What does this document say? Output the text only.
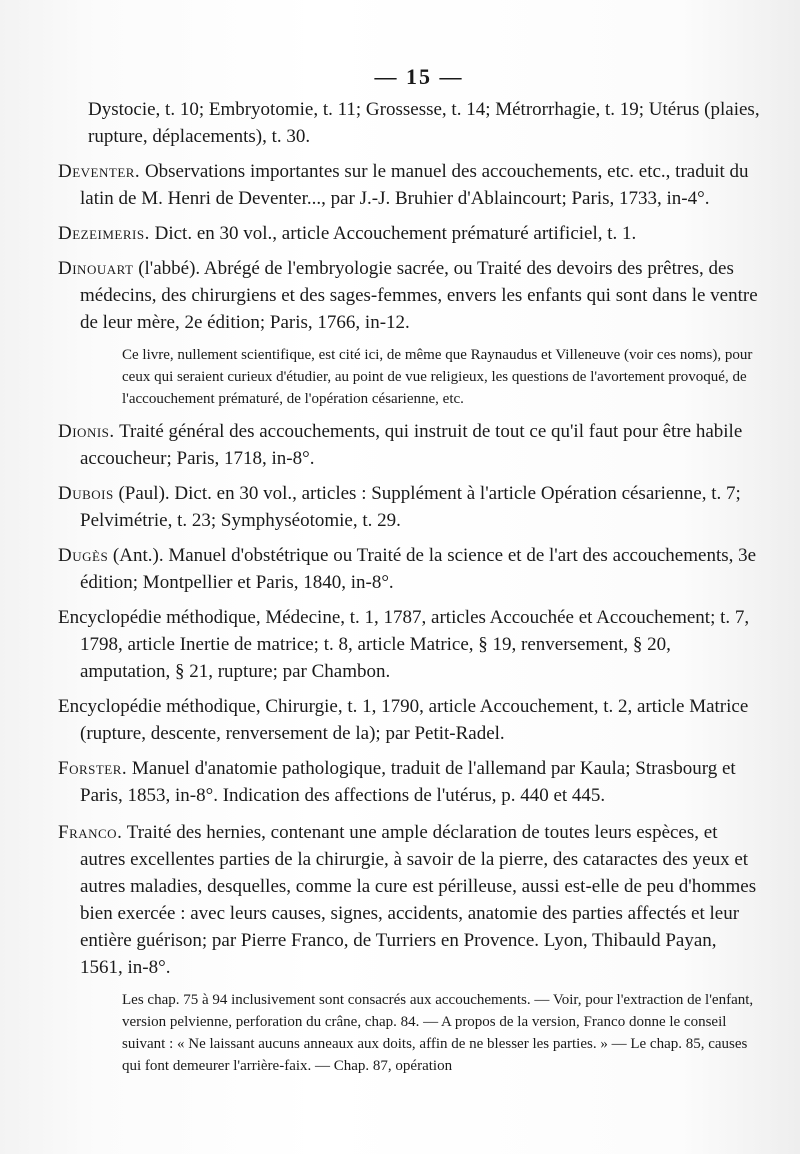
— 15 —
Dystocie, t. 10; Embryotomie, t. 11; Grossesse, t. 14; Métrorrhagie, t. 19; Utérus (plaies, rupture, déplacements), t. 30.
Deventer. Observations importantes sur le manuel des accouchements, etc. etc., traduit du latin de M. Henri de Deventer..., par J.-J. Bruhier d'Ablaincourt; Paris, 1733, in-4°.
Dezeimeris. Dict. en 30 vol., article Accouchement prématuré artificiel, t. 1.
Dinouart (l'abbé). Abrégé de l'embryologie sacrée, ou Traité des devoirs des prêtres, des médecins, des chirurgiens et des sages-femmes, envers les enfants qui sont dans le ventre de leur mère, 2e édition; Paris, 1766, in-12.
Ce livre, nullement scientifique, est cité ici, de même que Raynaudus et Villeneuve (voir ces noms), pour ceux qui seraient curieux d'étudier, au point de vue religieux, les questions de l'avortement provoqué, de l'accouchement prématuré, de l'opération césarienne, etc.
Dionis. Traité général des accouchements, qui instruit de tout ce qu'il faut pour être habile accoucheur; Paris, 1718, in-8°.
Dubois (Paul). Dict. en 30 vol., articles : Supplément à l'article Opération césarienne, t. 7; Pelvimétrie, t. 23; Symphyséotomie, t. 29.
Dugès (Ant.). Manuel d'obstétrique ou Traité de la science et de l'art des accouchements, 3e édition; Montpellier et Paris, 1840, in-8°.
Encyclopédie méthodique, Médecine, t. 1, 1787, articles Accouchée et Accouchement; t. 7, 1798, article Inertie de matrice; t. 8, article Matrice, § 19, renversement, § 20, amputation, § 21, rupture; par Chambon.
Encyclopédie méthodique, Chirurgie, t. 1, 1790, article Accouchement, t. 2, article Matrice (rupture, descente, renversement de la); par Petit-Radel.
Forster. Manuel d'anatomie pathologique, traduit de l'allemand par Kaula; Strasbourg et Paris, 1853, in-8°. Indication des affections de l'utérus, p. 440 et 445.
Franco. Traité des hernies, contenant une ample déclaration de toutes leurs espèces, et autres excellentes parties de la chirurgie, à savoir de la pierre, des cataractes des yeux et autres maladies, desquelles, comme la cure est périlleuse, aussi est-elle de peu d'hommes bien exercée : avec leurs causes, signes, accidents, anatomie des parties affectés et leur entière guérison; par Pierre Franco, de Turriers en Provence. Lyon, Thibauld Payan, 1561, in-8°.
Les chap. 75 à 94 inclusivement sont consacrés aux accouchements. — Voir, pour l'extraction de l'enfant, version pelvienne, perforation du crâne, chap. 84. — A propos de la version, Franco donne le conseil suivant : « Ne laissant aucuns anneaux aux doits, affin de ne blesser les parties. » — Le chap. 85, causes qui font demeurer l'arrière-faix. — Chap. 87, opération
